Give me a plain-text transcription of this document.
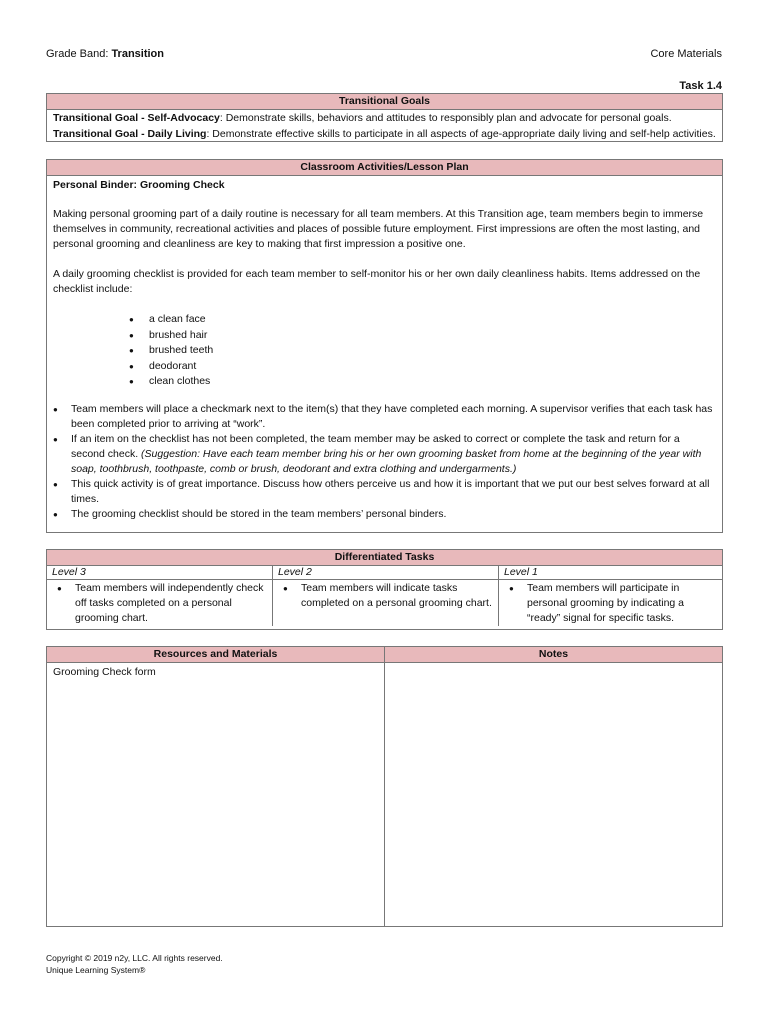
Grade Band: Transition	Core Materials
Task 1.4
Transitional Goals
Transitional Goal - Self-Advocacy: Demonstrate skills, behaviors and attitudes to responsibly plan and advocate for personal goals.
Transitional Goal - Daily Living: Demonstrate effective skills to participate in all aspects of age-appropriate daily living and self-help activities.
Classroom Activities/Lesson Plan
Personal Binder: Grooming Check

Making personal grooming part of a daily routine is necessary for all team members. At this Transition age, team members begin to immerse themselves in community, recreational activities and places of possible future employment. First impressions are often the most lasting, and personal grooming and cleanliness are key to making that first impression a positive one.

A daily grooming checklist is provided for each team member to self-monitor his or her own daily cleanliness habits. Items addressed on the checklist include:

● a clean face
● brushed hair
● brushed teeth
● deodorant
● clean clothes
● Team members will place a checkmark next to the item(s) that they have completed each morning. A supervisor verifies that each task has been completed prior to arriving at “work”.
● If an item on the checklist has not been completed, the team member may be asked to correct or complete the task and return for a second check. (Suggestion: Have each team member bring his or her own grooming basket from home at the beginning of the year with soap, toothbrush, toothpaste, comb or brush, deodorant and extra clothing and undergarments.)
● This quick activity is of great importance. Discuss how others perceive us and how it is important that we put our best selves forward at all times.
● The grooming checklist should be stored in the team members’ personal binders.
Differentiated Tasks
Level 3
● Team members will independently check off tasks completed on a personal grooming chart.
Level 2
● Team members will indicate tasks completed on a personal grooming chart.
Level 1
● Team members will participate in personal grooming by indicating a “ready” signal for specific tasks.
Resources and Materials
Grooming Check form
Notes
Copyright © 2019 n2y, LLC. All rights reserved.
Unique Learning System®
